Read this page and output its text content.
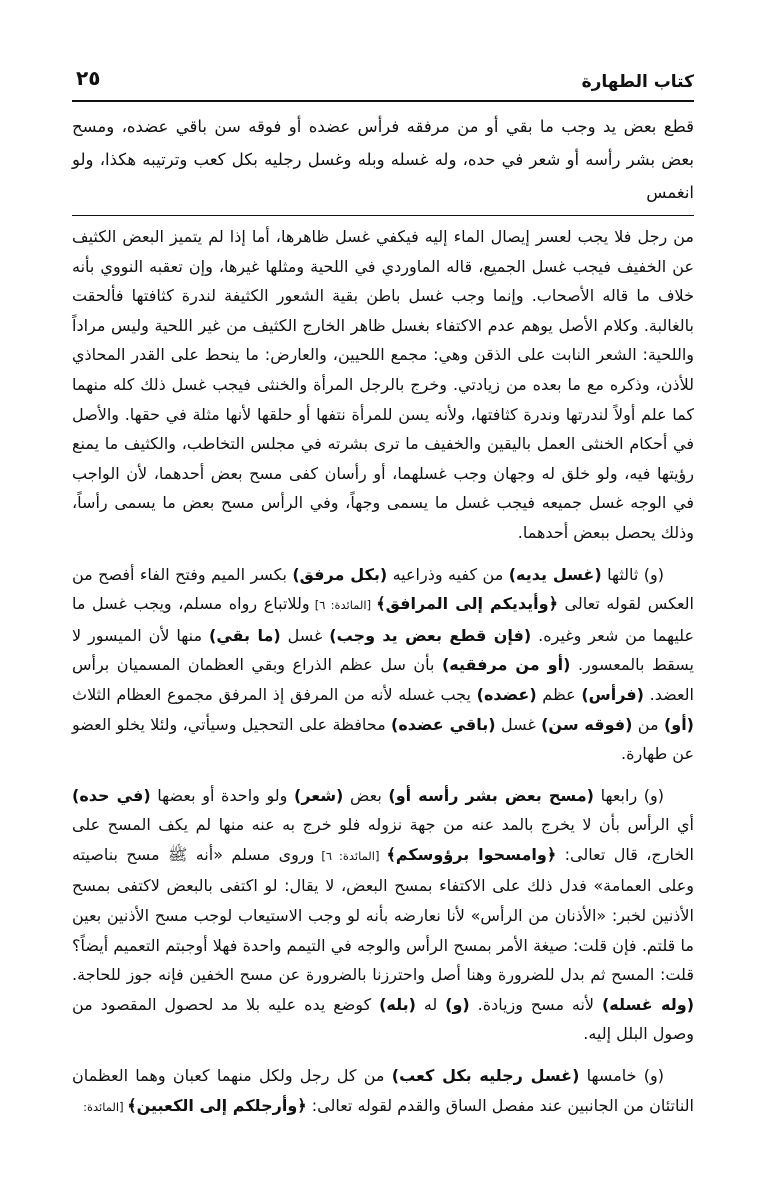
كتاب الطهارة
٢٥
قطع بعض يد وجب ما بقي أو من مرفقه فرأس عضده أو فوقه سن باقي عضده، ومسح بعض بشر رأسه أو شعر في حده، وله غسله وبله وغسل رجليه بكل كعب وترتيبه هكذا، ولو انغمس

من رجل فلا يجب لعسر إيصال الماء إليه فيكفي غسل ظاهرها، أما إذا لم يتميز البعض الكثيف عن الخفيف فيجب غسل الجميع، قاله الماوردي في اللحية ومثلها غيرها، وإن تعقبه النووي بأنه خلاف ما قاله الأصحاب. وإنما وجب غسل باطن بقية الشعور الكثيفة لندرة كثافتها فألحقت بالغالبة. وكلام الأصل يوهم عدم الاكتفاء بغسل ظاهر الخارج الكثيف من غير اللحية وليس مراداً واللحية: الشعر النابت على الذقن وهي: مجمع اللحيين، والعارض: ما ينحط على القدر المحاذي للأذن، وذكره مع ما بعده من زيادتي. وخرج بالرجل المرأة والخنثى فيجب غسل ذلك كله منهما كما علم أولاً لندرتها وندرة كثافتها، ولأنه يسن للمرأة نتفها أو حلقها لأنها مثلة في حقها. والأصل في أحكام الخنثى العمل باليقين والخفيف ما ترى بشرته في مجلس التخاطب، والكثيف ما يمنع رؤيتها فيه، ولو خلق له وجهان وجب غسلهما، أو رأسان كفى مسح بعض أحدهما، لأن الواجب في الوجه غسل جميعه فيجب غسل ما يسمى وجهاً، وفي الرأس مسح بعض ما يسمى رأساً، وذلك يحصل ببعض أحدهما.

(و) ثالثها (غسل يديه) من كفيه وذراعيه (بكل مرفق) بكسر الميم وفتح الفاء أفصح من العكس لقوله تعالى ﴿وأيديكم إلى المرافق﴾ [المائدة: ٦] وللاتباع رواه مسلم، ويجب غسل ما عليهما من شعر وغيره. (فإن قطع بعض يد وجب) غسل (ما بقي) منها لأن الميسور لا يسقط بالمعسور. (أو من مرفقيه) بأن سل عظم الذراع وبقي العظمان المسميان برأس العضد. (فرأس) عظم (عضده) يجب غسله لأنه من المرفق إذ المرفق مجموع العظام الثلاث (أو) من (فوقه سن) غسل (باقي عضده) محافظة على التحجيل وسيأتي، ولئلا يخلو العضو عن طهارة.

(و) رابعها (مسح بعض بشر رأسه أو) بعض (شعر) ولو واحدة أو بعضها (في حده) أي الرأس بأن لا يخرج بالمد عنه من جهة نزوله فلو خرج به عنه منها لم يكف المسح على الخارج، قال تعالى: ﴿وامسحوا برؤوسكم﴾ [المائدة: ٦] وروى مسلم «أنه ﷺ مسح بناصيته وعلى العمامة» فدل ذلك على الاكتفاء بمسح البعض، لا يقال: لو اكتفى بالبعض لاكتفى بمسح الأذنين لخبر: «الأذنان من الرأس» لأنا نعارضه بأنه لو وجب الاستيعاب لوجب مسح الأذنين بعين ما قلتم. فإن قلت: صيغة الأمر بمسح الرأس والوجه في التيمم واحدة فهلا أوجبتم التعميم أيضاً؟ قلت: المسح ثم بدل للضرورة وهنا أصل واحترزنا بالضرورة عن مسح الخفين فإنه جوز للحاجة. (وله غسله) لأنه مسح وزيادة. (و) له (بله) كوضع يده عليه بلا مد لحصول المقصود من وصول البلل إليه.

(و) خامسها (غسل رجليه بكل كعب) من كل رجل ولكل منهما كعبان وهما العظمان الناتئان من الجانبين عند مفصل الساق والقدم لقوله تعالى: ﴿وأرجلكم إلى الكعبين﴾ [المائدة:
